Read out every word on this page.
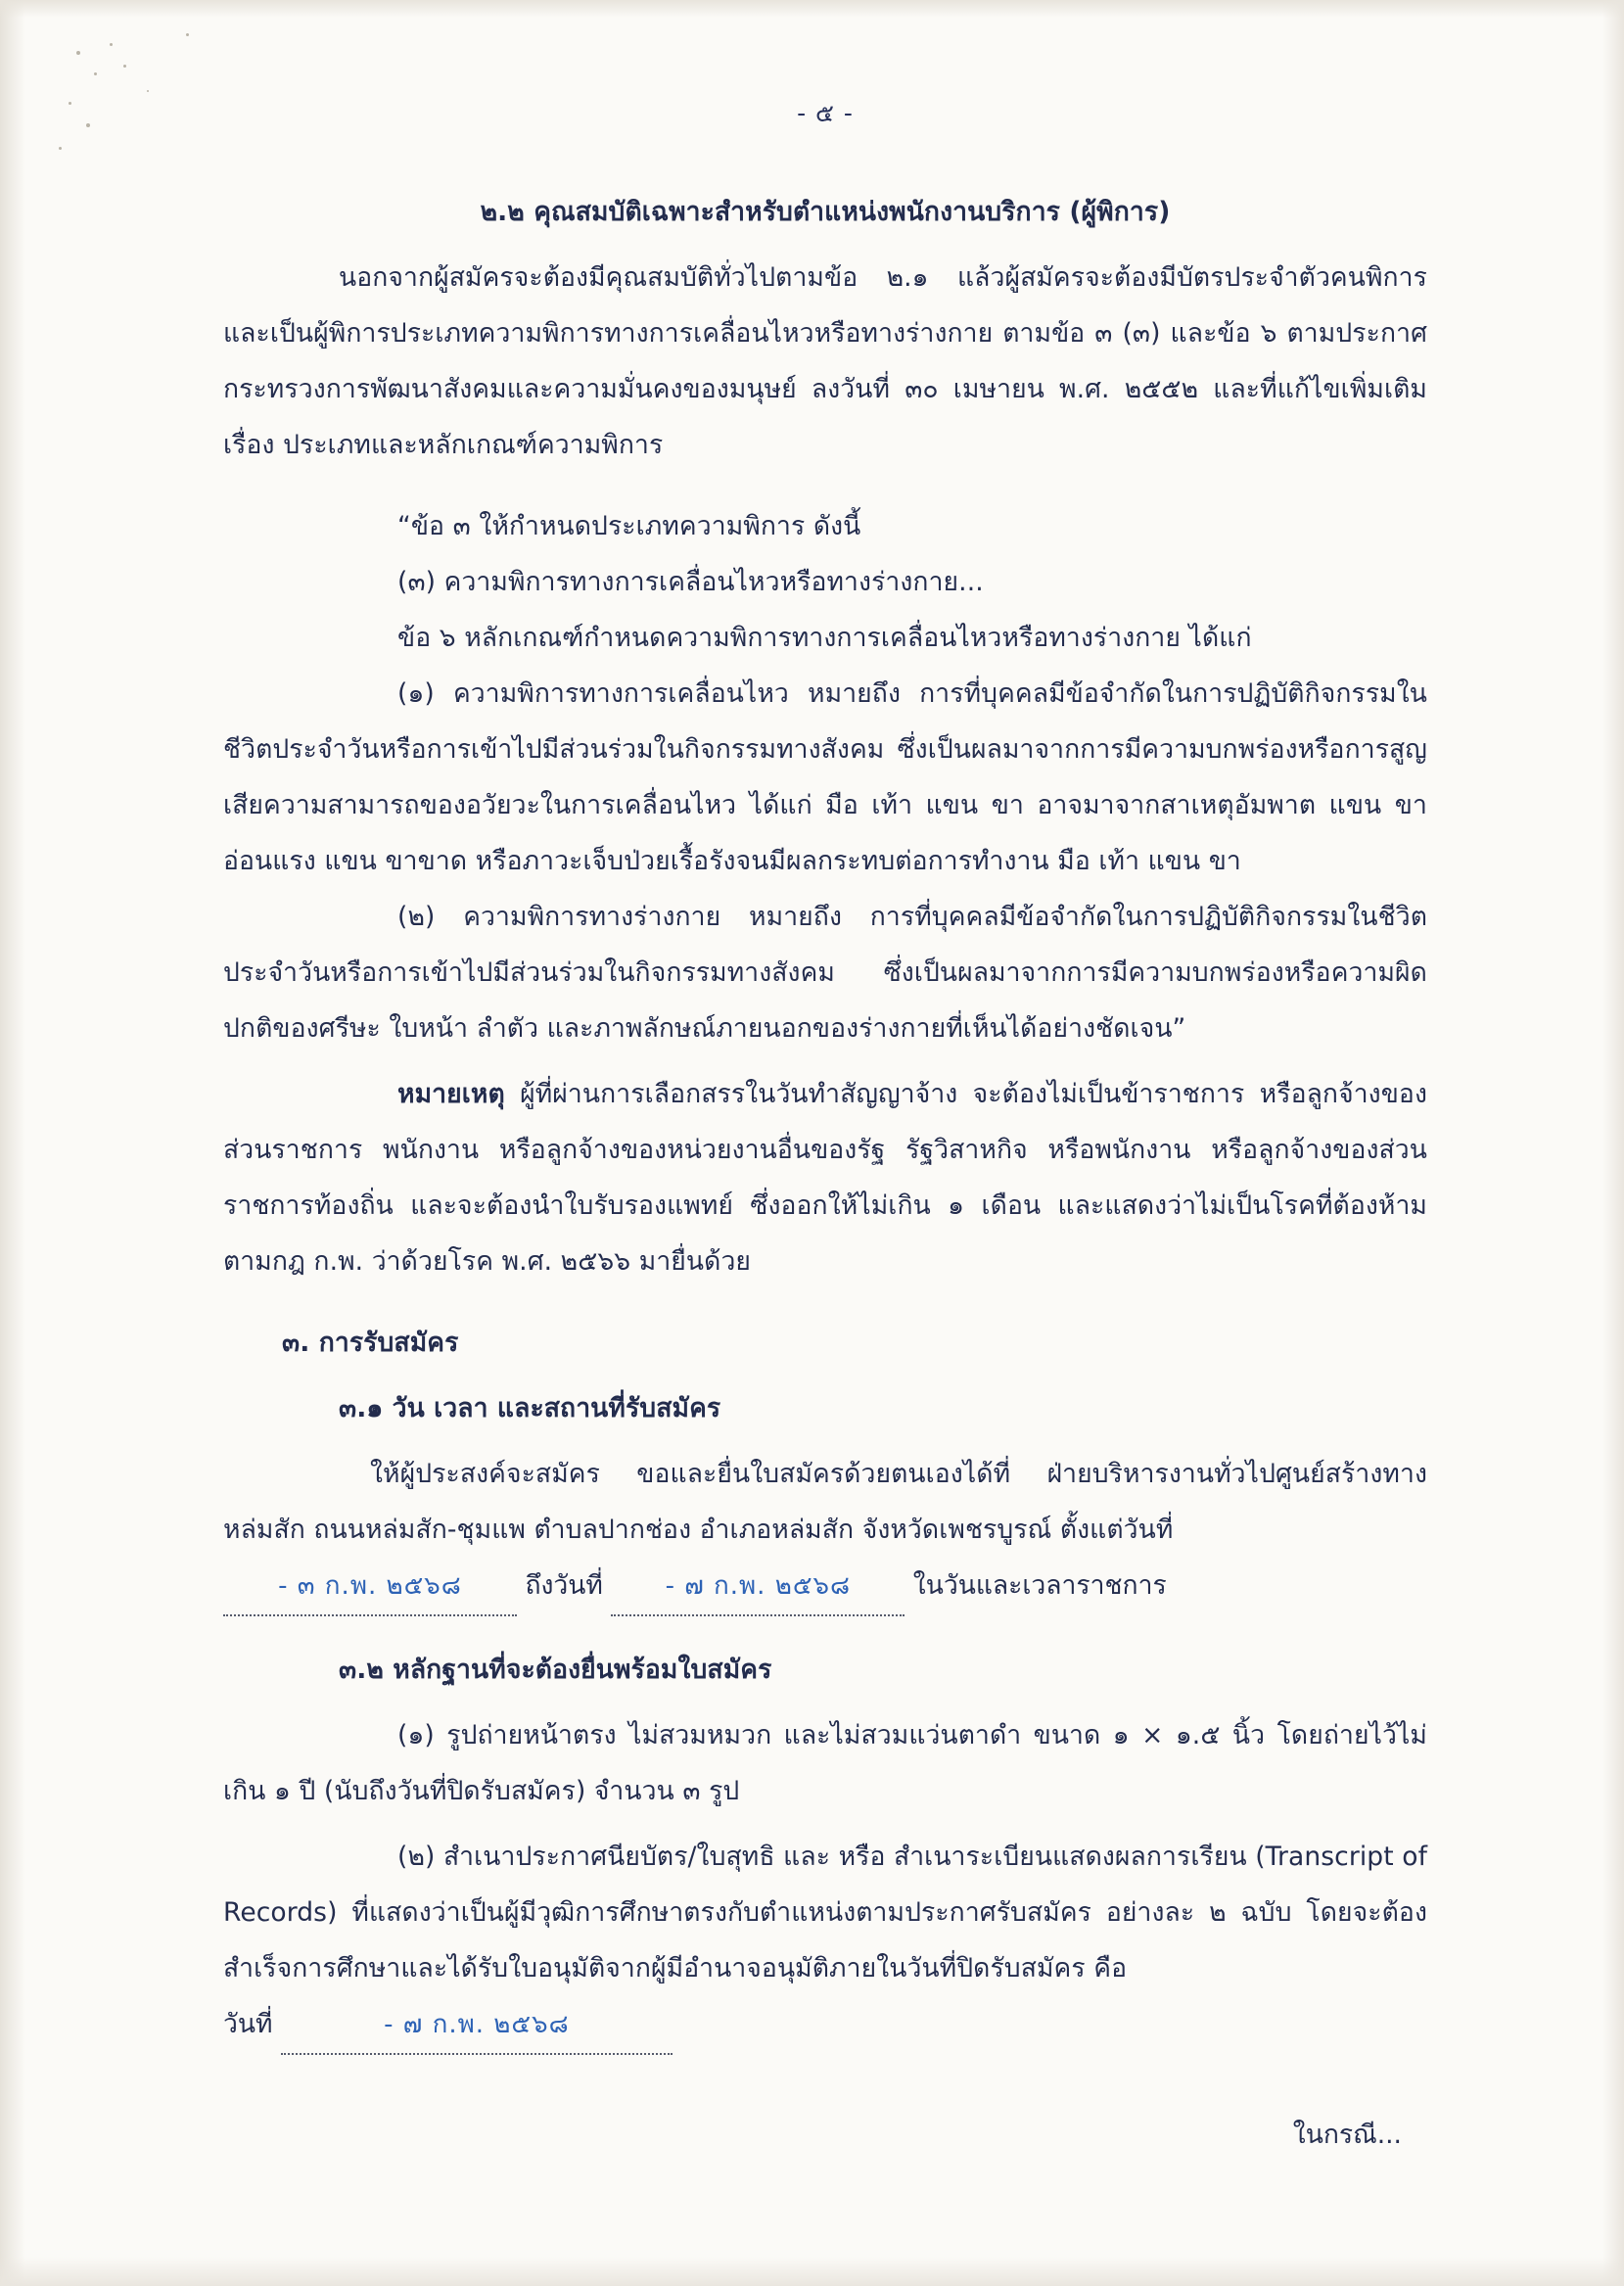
- ๕ -

๒.๒ คุณสมบัติเฉพาะสำหรับตำแหน่งพนักงานบริการ (ผู้พิการ)

นอกจากผู้สมัครจะต้องมีคุณสมบัติทั่วไปตามข้อ ๒.๑ แล้วผู้สมัครจะต้องมีบัตรประจำตัวคนพิการ และเป็นผู้พิการประเภทความพิการทางการเคลื่อนไหวหรือทางร่างกาย ตามข้อ ๓ (๓) และข้อ ๖ ตามประกาศกระทรวงการพัฒนาสังคมและความมั่นคงของมนุษย์ ลงวันที่ ๓๐ เมษายน พ.ศ. ๒๕๕๒ และที่แก้ไขเพิ่มเติม เรื่อง ประเภทและหลักเกณฑ์ความพิการ

“ข้อ ๓ ให้กำหนดประเภทความพิการ ดังนี้

(๓) ความพิการทางการเคลื่อนไหวหรือทางร่างกาย...

ข้อ ๖ หลักเกณฑ์กำหนดความพิการทางการเคลื่อนไหวหรือทางร่างกาย ได้แก่

(๑) ความพิการทางการเคลื่อนไหว หมายถึง การที่บุคคลมีข้อจำกัดในการปฏิบัติกิจกรรมในชีวิตประจำวันหรือการเข้าไปมีส่วนร่วมในกิจกรรมทางสังคม ซึ่งเป็นผลมาจากการมีความบกพร่องหรือการสูญเสียความสามารถของอวัยวะในการเคลื่อนไหว ได้แก่ มือ เท้า แขน ขา อาจมาจากสาเหตุอัมพาต แขน ขา อ่อนแรง แขน ขาขาด หรือภาวะเจ็บป่วยเรื้อรังจนมีผลกระทบต่อการทำงาน มือ เท้า แขน ขา

(๒) ความพิการทางร่างกาย หมายถึง การที่บุคคลมีข้อจำกัดในการปฏิบัติกิจกรรมในชีวิตประจำวันหรือการเข้าไปมีส่วนร่วมในกิจกรรมทางสังคม ซึ่งเป็นผลมาจากการมีความบกพร่องหรือความผิดปกติของศรีษะ ใบหน้า ลำตัว และภาพลักษณ์ภายนอกของร่างกายที่เห็นได้อย่างชัดเจน”

หมายเหตุ ผู้ที่ผ่านการเลือกสรรในวันทำสัญญาจ้าง จะต้องไม่เป็นข้าราชการ หรือลูกจ้างของส่วนราชการ พนักงาน หรือลูกจ้างของหน่วยงานอื่นของรัฐ รัฐวิสาหกิจ หรือพนักงาน หรือลูกจ้างของส่วนราชการท้องถิ่น และจะต้องนำใบรับรองแพทย์ ซึ่งออกให้ไม่เกิน ๑ เดือน และแสดงว่าไม่เป็นโรคที่ต้องห้ามตามกฎ ก.พ. ว่าด้วยโรค พ.ศ. ๒๕๖๖ มายื่นด้วย

๓. การรับสมัคร

๓.๑ วัน เวลา และสถานที่รับสมัคร

ให้ผู้ประสงค์จะสมัคร ขอและยื่นใบสมัครด้วยตนเองได้ที่ ฝ่ายบริหารงานทั่วไปศูนย์สร้างทางหล่มสัก ถนนหล่มสัก-ชุมแพ ตำบลปากช่อง อำเภอหล่มสัก จังหวัดเพชรบูรณ์ ตั้งแต่วันที่

- ๓ ก.พ. ๒๕๖๘ ถึงวันที่ - ๗ ก.พ. ๒๕๖๘ ในวันและเวลาราชการ

๓.๒ หลักฐานที่จะต้องยื่นพร้อมใบสมัคร

(๑) รูปถ่ายหน้าตรง ไม่สวมหมวก และไม่สวมแว่นตาดำ ขนาด ๑ × ๑.๕ นิ้ว โดยถ่ายไว้ไม่เกิน ๑ ปี (นับถึงวันที่ปิดรับสมัคร) จำนวน ๓ รูป

(๒) สำเนาประกาศนียบัตร/ใบสุทธิ และ หรือ สำเนาระเบียนแสดงผลการเรียน (Transcript of Records) ที่แสดงว่าเป็นผู้มีวุฒิการศึกษาตรงกับตำแหน่งตามประกาศรับสมัคร อย่างละ ๒ ฉบับ โดยจะต้องสำเร็จการศึกษาและได้รับใบอนุมัติจากผู้มีอำนาจอนุมัติภายในวันที่ปิดรับสมัคร คือ

วันที่	- ๗ ก.พ. ๒๕๖๘
ในกรณี...
